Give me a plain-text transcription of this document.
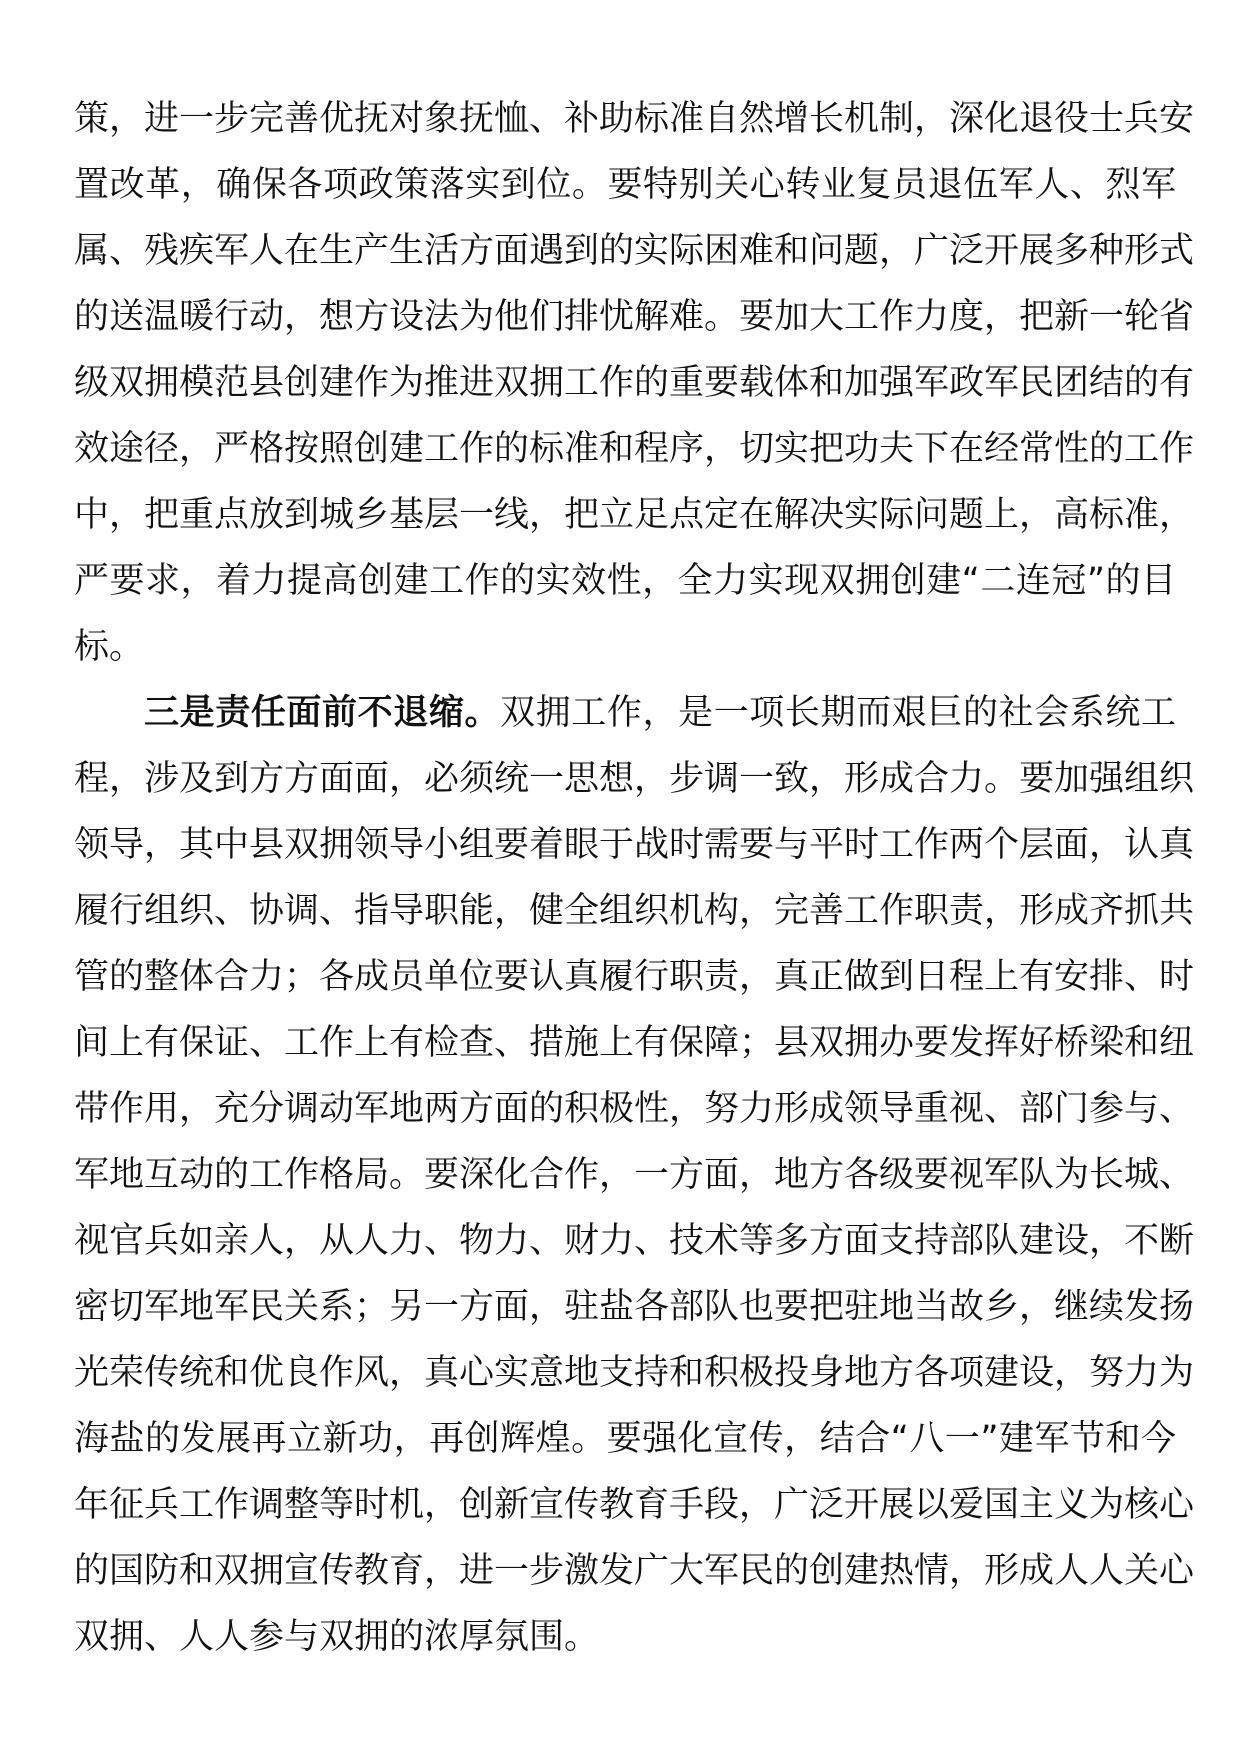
策，进一步完善优抚对象抚恤、补助标准自然增长机制，深化退役士兵安
置改革，确保各项政策落实到位。要特别关心转业复员退伍军人、烈军
属、残疾军人在生产生活方面遇到的实际困难和问题，广泛开展多种形式
的送温暖行动，想方设法为他们排忧解难。要加大工作力度，把新一轮省
级双拥模范县创建作为推进双拥工作的重要载体和加强军政军民团结的有
效途径，严格按照创建工作的标准和程序，切实把功夫下在经常性的工作
中，把重点放到城乡基层一线，把立足点定在解决实际问题上，高标准，
严要求，着力提高创建工作的实效性，全力实现双拥创建“二连冠”的目
标。
三是责任面前不退缩。双拥工作，是一项长期而艰巨的社会系统工
程，涉及到方方面面，必须统一思想，步调一致，形成合力。要加强组织
领导，其中县双拥领导小组要着眼于战时需要与平时工作两个层面，认真
履行组织、协调、指导职能，健全组织机构，完善工作职责，形成齐抓共
管的整体合力；各成员单位要认真履行职责，真正做到日程上有安排、时
间上有保证、工作上有检查、措施上有保障；县双拥办要发挥好桥梁和纽
带作用，充分调动军地两方面的积极性，努力形成领导重视、部门参与、
军地互动的工作格局。要深化合作，一方面，地方各级要视军队为长城、
视官兵如亲人，从人力、物力、财力、技术等多方面支持部队建设，不断
密切军地军民关系；另一方面，驻盐各部队也要把驻地当故乡，继续发扬
光荣传统和优良作风，真心实意地支持和积极投身地方各项建设，努力为
海盐的发展再立新功，再创辉煌。要强化宣传，结合“八一”建军节和今
年征兵工作调整等时机，创新宣传教育手段，广泛开展以爱国主义为核心
的国防和双拥宣传教育，进一步激发广大军民的创建热情，形成人人关心
双拥、人人参与双拥的浓厚氛围。
